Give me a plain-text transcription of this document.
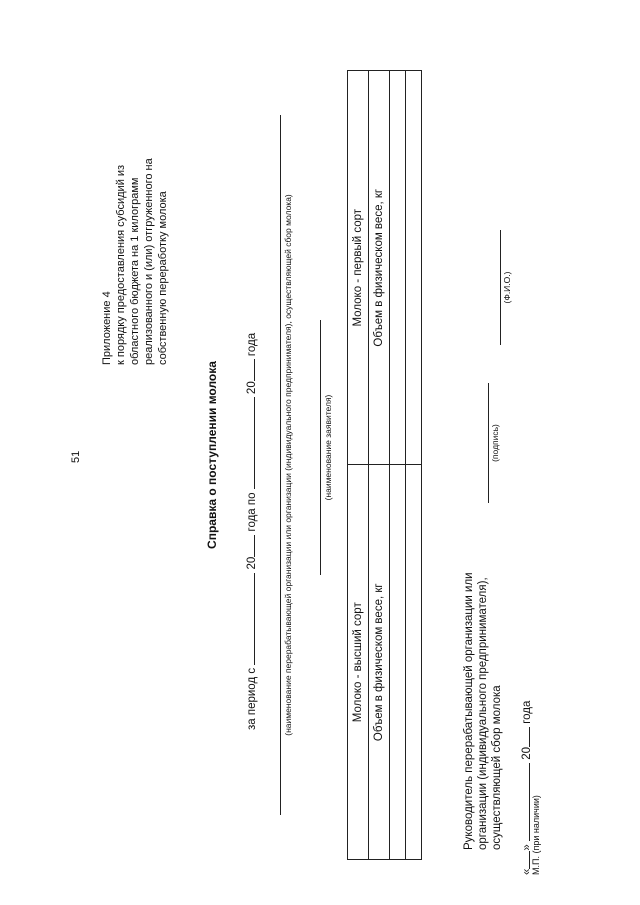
51
Приложение 4 к порядку предоставления субсидий из областного бюджета на 1 килограмм реализованного и (или) отгруженного на собственную переработку молока
Справка о поступлении молока
за период с  20 года по  20 года	(наименование перерабатывающей организации или организации (индивидуального предпринимателя), осуществляющей сбор молока)	(наименование заявителя)
Молоко - высший сорт	Молоко - первый сорт
Объем в физическом весе, кг	Объем в физическом весе, кг

Руководитель перерабатывающей организации или организации (индивидуального предпринимателя), осуществляющей сбор молока
(подпись)
(Ф.И.О.)
«»  20 года
М.П. (при наличии)
